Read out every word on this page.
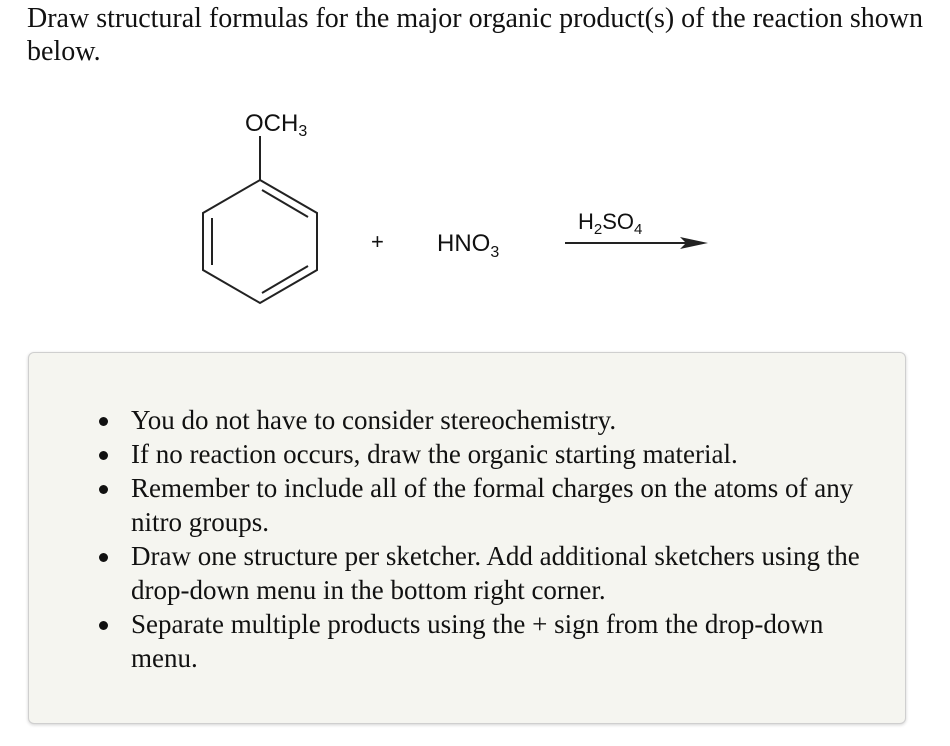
Draw structural formulas for the major organic product(s) of the reaction shown below.

$OCH_3$
+ $HNO_3$
$H_2SO_4$
You do not have to consider stereochemistry.
If no reaction occurs, draw the organic starting material.
Remember to include all of the formal charges on the atoms of any nitro groups.
Draw one structure per sketcher. Add additional sketchers using the drop-down menu in the bottom right corner.
Separate multiple products using the + sign from the drop-down menu.
